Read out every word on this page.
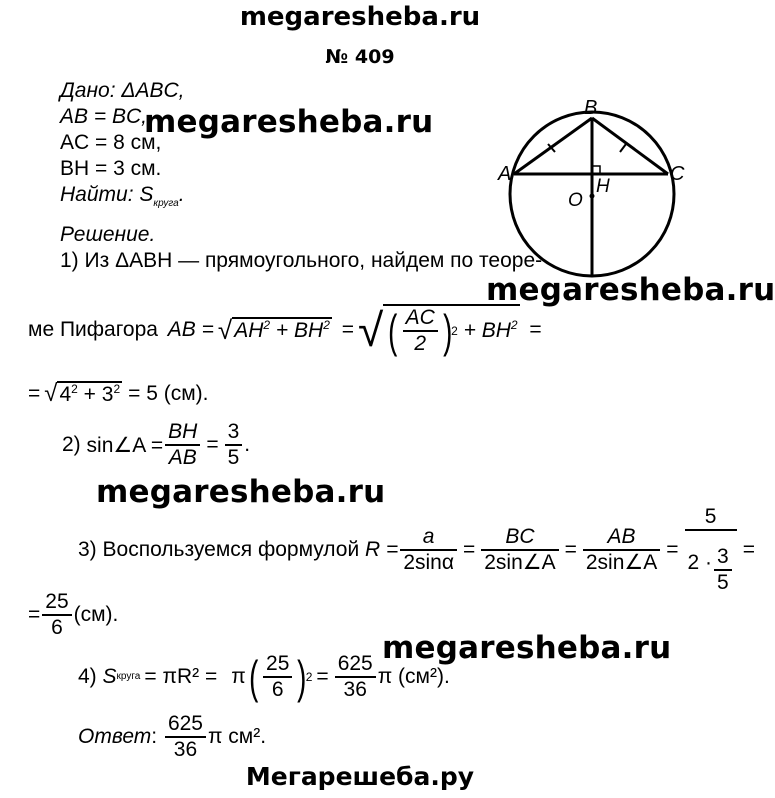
megaresheba.ru
№ 409
Дано: ΔABC,
AB = BC,
AC = 8 см,
BH = 3 см.
Найти: $S_{круга}$.
Решение.
1) Из ΔABH — прямоугольного, найдем по теоре-
B
A	C
H
O
ме Пифагора AB = √ $AH^2 + BH^2$ = √ ( $\frac{AC}{2}$ ) $2 + BH^2$ =
= √ $4^2 + 3^2 = 5$ (см).
2)
sin∠A = $\frac{BH}{AB} = \frac{3}{5}$ .
3) Воспользуемся формулой
$R = \frac{a}{2\sin\alpha} = \frac{BC}{2\sin\angle A} = \frac{AB}{2\sin\angle A} = \frac{5}{2 \cdot \frac{3}{5}}$ =
= $\frac{25}{6} (см)$.
4)
S круга = πR² = π ( $\frac{25}{6}$ ) $2 = \frac{625}{36}$ π (см²).
Ответ : $\frac{625}{36}$ π см².
megaresheba.ru
megaresheba.ru
megaresheba.ru
megaresheba.ru
Мегарешеба.ру
